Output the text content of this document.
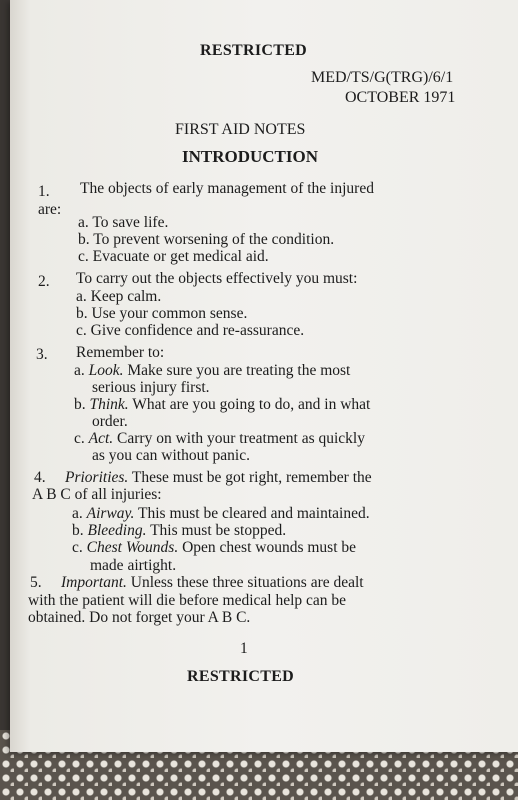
RESTRICTED
MED/TS/G(TRG)/6/1
OCTOBER 1971
FIRST AID NOTES
INTRODUCTION
1. The objects of early management of the injured
are:
a. To save life.
b. To prevent worsening of the condition.
c. Evacuate or get medical aid.
2. To carry out the objects effectively you must:
a. Keep calm.
b. Use your common sense.
c. Give confidence and re-assurance.
3. Remember to:
a. Look. Make sure you are treating the most
serious injury first.
b. Think. What are you going to do, and in what
order.
c. Act. Carry on with your treatment as quickly
as you can without panic.
4. Priorities. These must be got right, remember the
A B C of all injuries:
a. Airway. This must be cleared and maintained.
b. Bleeding. This must be stopped.
c. Chest Wounds. Open chest wounds must be
made airtight.
5. Important. Unless these three situations are dealt
with the patient will die before medical help can be
obtained. Do not forget your A B C.
1
RESTRICTED
